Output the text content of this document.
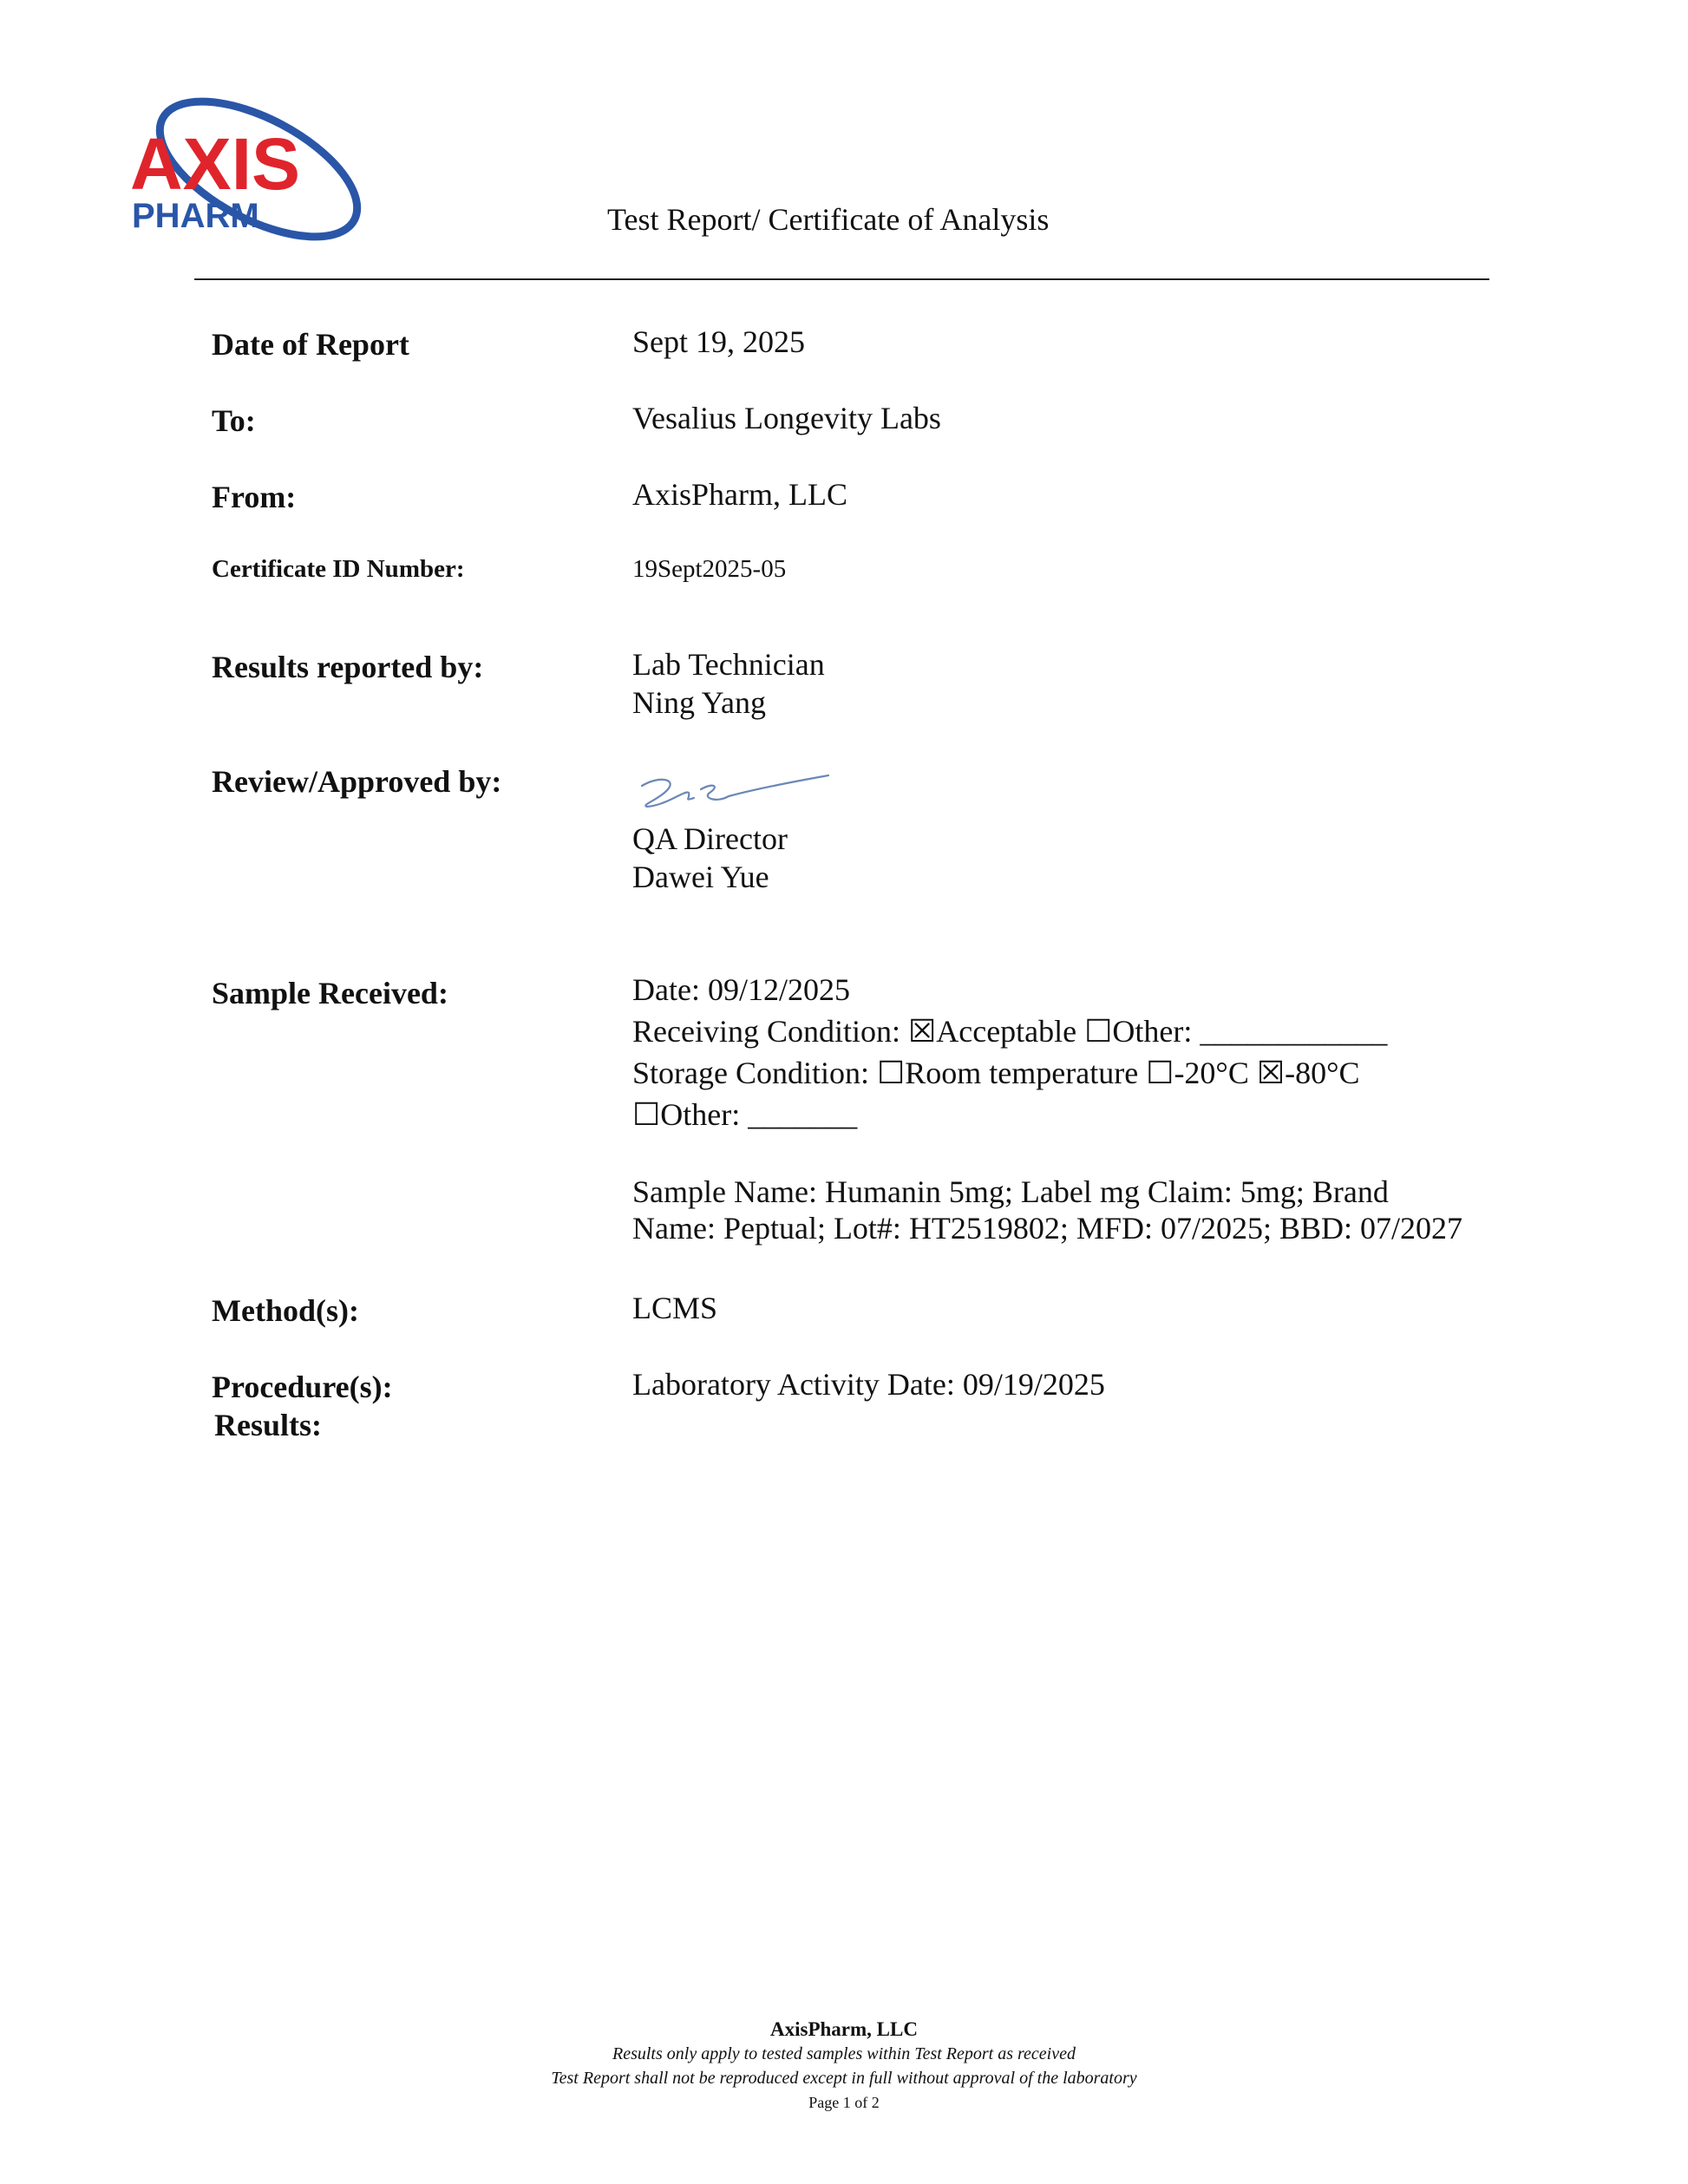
AXIS
PHARM	Test Report/ Certificate of Analysis
Date of Report	Sept 19, 2025
To:	Vesalius Longevity Labs
From:	AxisPharm, LLC
Certificate ID Number:	19Sept2025-05
Results reported by:	Lab Technician
Ning Yang
Review/Approved by:
QA Director
Dawei Yue
Sample Received:	Date: 09/12/2025
Receiving Condition: ☒Acceptable ☐Other: ____________
Storage Condition: ☐Room temperature ☐-20°C ☒-80°C
☐Other: _______
Sample Name: Humanin 5mg; Label mg Claim: 5mg; Brand Name: Peptual; Lot#: HT2519802; MFD: 07/2025; BBD: 07/2027
Method(s):	LCMS
Procedure(s):	Laboratory Activity Date: 09/19/2025
Results:
AxisPharm, LLC
Results only apply to tested samples within Test Report as received
Test Report shall not be reproduced except in full without approval of the laboratory
Page 1 of 2
